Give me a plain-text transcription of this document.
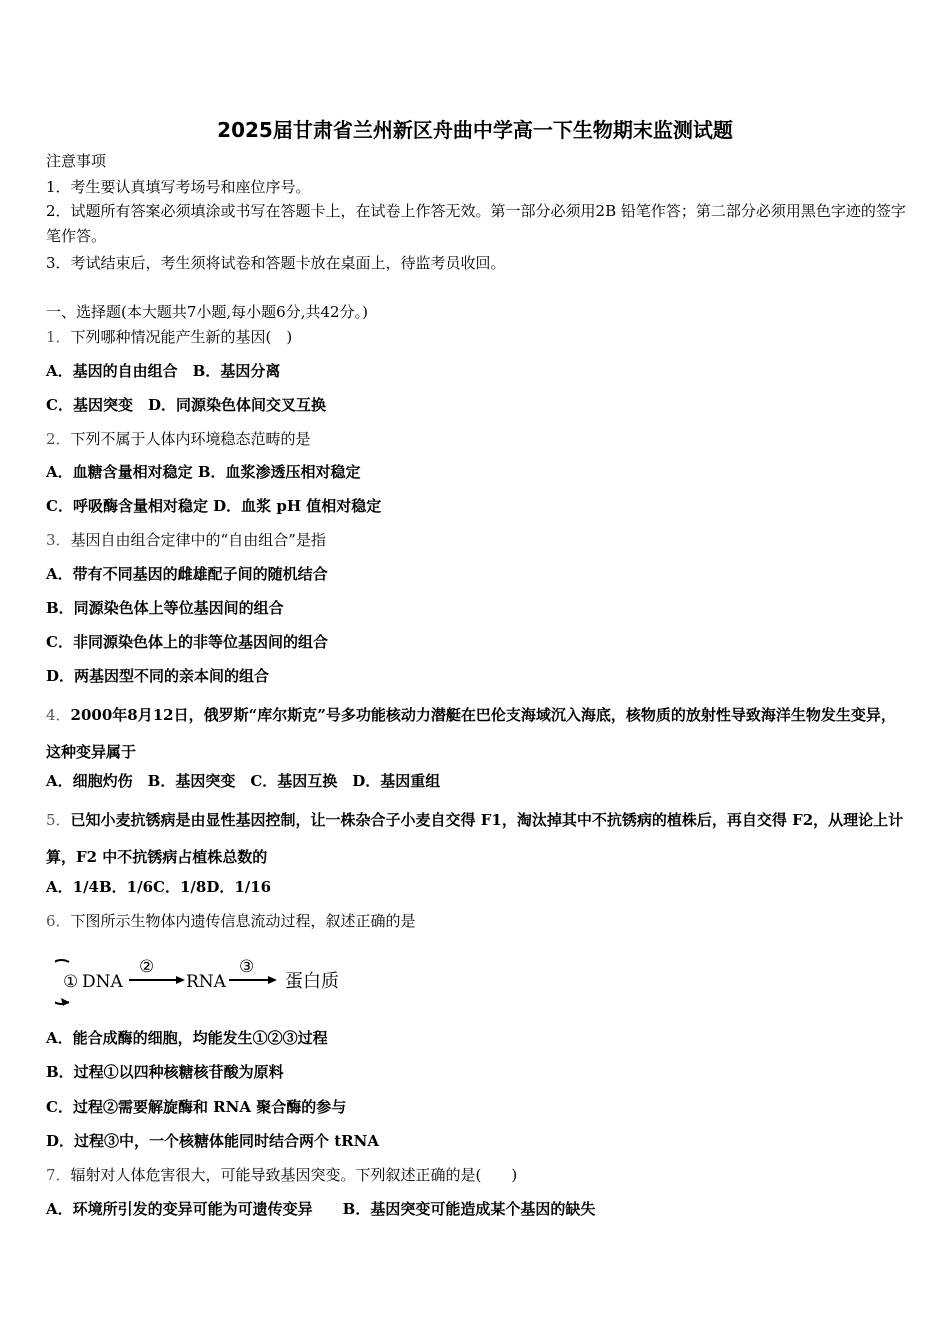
2025届甘肃省兰州新区舟曲中学高一下生物期末监测试题
注意事项
1．考生要认真填写考场号和座位序号。
2．试题所有答案必须填涂或书写在答题卡上，在试卷上作答无效。第一部分必须用2B 铅笔作答；第二部分必须用黑色字迹的签字笔作答。
3．考试结束后，考生须将试卷和答题卡放在桌面上，待监考员收回。
一、选择题(本大题共7小题,每小题6分,共42分。)
1．下列哪种情况能产生新的基因(　)
A．基因的自由组合　B．基因分离
C．基因突变　D．同源染色体间交叉互换
2．下列不属于人体内环境稳态范畴的是
A．血糖含量相对稳定 B．血浆渗透压相对稳定
C．呼吸酶含量相对稳定 D．血浆 pH 值相对稳定
3．基因自由组合定律中的“自由组合”是指
A．带有不同基因的雌雄配子间的随机结合
B．同源染色体上等位基因间的组合
C．非同源染色体上的非等位基因间的组合
D．两基因型不同的亲本间的组合
4．2000年8月12日，俄罗斯“库尔斯克”号多功能核动力潜艇在巴伦支海域沉入海底，核物质的放射性导致海洋生物发生变异，这种变异属于
A．细胞灼伤　B．基因突变　C．基因互换　D．基因重组
5．已知小麦抗锈病是由显性基因控制，让一株杂合子小麦自交得 F1，淘汰掉其中不抗锈病的植株后，再自交得 F2，从理论上计算，F2 中不抗锈病占植株总数的
A．1/4B．1/6C．1/8D．1/16
6．下图所示生物体内遗传信息流动过程，叙述正确的是
① DNA
②
RNA
③
蛋白质
A．能合成酶的细胞，均能发生①②③过程
B．过程①以四种核糖核苷酸为原料
C．过程②需要解旋酶和 RNA 聚合酶的参与
D．过程③中，一个核糖体能同时结合两个 tRNA
7．辐射对人体危害很大，可能导致基因突变。下列叙述正确的是(　　)
A．环境所引发的变异可能为可遗传变异　　B．基因突变可能造成某个基因的缺失
